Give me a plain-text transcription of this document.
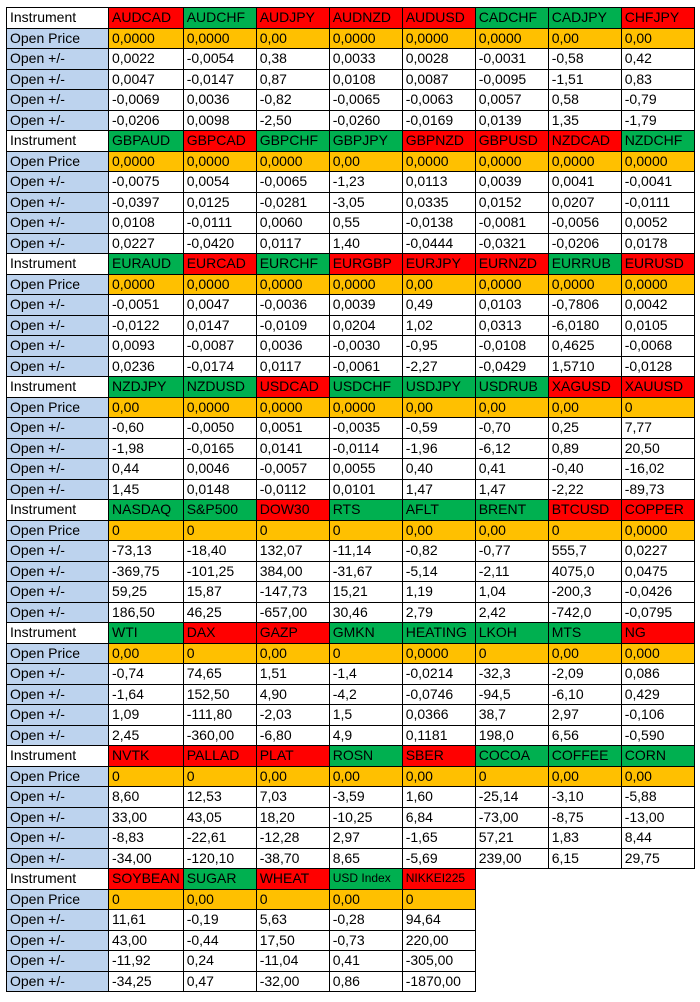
Instrument	AUDCAD	AUDCHF	AUDJPY	AUDNZD	AUDUSD	CADCHF	CADJPY	CHFJPY
Open Price	0,0000	0,0000	0,00	0,0000	0,0000	0,0000	0,00	0,00
Open +/-	0,0022	-0,0054	0,38	0,0033	0,0028	-0,0031	-0,58	0,42
Open +/-	0,0047	-0,0147	0,87	0,0108	0,0087	-0,0095	-1,51	0,83
Open +/-	-0,0069	0,0036	-0,82	-0,0065	-0,0063	0,0057	0,58	-0,79
Open +/-	-0,0206	0,0098	-2,50	-0,0260	-0,0169	0,0139	1,35	-1,79
Instrument	GBPAUD	GBPCAD	GBPCHF	GBPJPY	GBPNZD	GBPUSD	NZDCAD	NZDCHF
Open Price	0,0000	0,0000	0,0000	0,00	0,0000	0,0000	0,0000	0,0000
Open +/-	-0,0075	0,0054	-0,0065	-1,23	0,0113	0,0039	0,0041	-0,0041
Open +/-	-0,0397	0,0125	-0,0281	-3,05	0,0335	0,0152	0,0207	-0,0111
Open +/-	0,0108	-0,0111	0,0060	0,55	-0,0138	-0,0081	-0,0056	0,0052
Open +/-	0,0227	-0,0420	0,0117	1,40	-0,0444	-0,0321	-0,0206	0,0178
Instrument	EURAUD	EURCAD	EURCHF	EURGBP	EURJPY	EURNZD	EURRUB	EURUSD
Open Price	0,0000	0,0000	0,0000	0,0000	0,00	0,0000	0,0000	0,0000
Open +/-	-0,0051	0,0047	-0,0036	0,0039	0,49	0,0103	-0,7806	0,0042
Open +/-	-0,0122	0,0147	-0,0109	0,0204	1,02	0,0313	-6,0180	0,0105
Open +/-	0,0093	-0,0087	0,0036	-0,0030	-0,95	-0,0108	0,4625	-0,0068
Open +/-	0,0236	-0,0174	0,0117	-0,0061	-2,27	-0,0429	1,5710	-0,0128
Instrument	NZDJPY	NZDUSD	USDCAD	USDCHF	USDJPY	USDRUB	XAGUSD	XAUUSD
Open Price	0,00	0,0000	0,0000	0,0000	0,00	0,00	0,00	0
Open +/-	-0,60	-0,0050	0,0051	-0,0035	-0,59	-0,70	0,25	7,77
Open +/-	-1,98	-0,0165	0,0141	-0,0114	-1,96	-6,12	0,89	20,50
Open +/-	0,44	0,0046	-0,0057	0,0055	0,40	0,41	-0,40	-16,02
Open +/-	1,45	0,0148	-0,0112	0,0101	1,47	1,47	-2,22	-89,73
Instrument	NASDAQ	S&P500	DOW30	RTS	AFLT	BRENT	BTCUSD	COPPER
Open Price	0	0	0	0	0,00	0,00	0	0,0000
Open +/-	-73,13	-18,40	132,07	-11,14	-0,82	-0,77	555,7	0,0227
Open +/-	-369,75	-101,25	384,00	-31,67	-5,14	-2,11	4075,0	0,0475
Open +/-	59,25	15,87	-147,73	15,21	1,19	1,04	-200,3	-0,0426
Open +/-	186,50	46,25	-657,00	30,46	2,79	2,42	-742,0	-0,0795
Instrument	WTI	DAX	GAZP	GMKN	HEATING	LKOH	MTS	NG
Open Price	0,00	0	0,00	0	0,0000	0	0,00	0,000
Open +/-	-0,74	74,65	1,51	-1,4	-0,0214	-32,3	-2,09	0,086
Open +/-	-1,64	152,50	4,90	-4,2	-0,0746	-94,5	-6,10	0,429
Open +/-	1,09	-111,80	-2,03	1,5	0,0366	38,7	2,97	-0,106
Open +/-	2,45	-360,00	-6,80	4,9	0,1181	198,0	6,56	-0,590
Instrument	NVTK	PALLAD	PLAT	ROSN	SBER	COCOA	COFFEE	CORN
Open Price	0	0	0,00	0,00	0,00	0	0,00	0,00
Open +/-	8,60	12,53	7,03	-3,59	1,60	-25,14	-3,10	-5,88
Open +/-	33,00	43,05	18,20	-10,25	6,84	-73,00	-8,75	-13,00
Open +/-	-8,83	-22,61	-12,28	2,97	-1,65	57,21	1,83	8,44
Open +/-	-34,00	-120,10	-38,70	8,65	-5,69	239,00	6,15	29,75
Instrument	SOYBEAN	SUGAR	WHEAT	USD Index	NIKKEI225			
Open Price	0	0,00	0	0,00	0			
Open +/-	11,61	-0,19	5,63	-0,28	94,64			
Open +/-	43,00	-0,44	17,50	-0,73	220,00			
Open +/-	-11,92	0,24	-11,04	0,41	-305,00			
Open +/-	-34,25	0,47	-32,00	0,86	-1870,00			
